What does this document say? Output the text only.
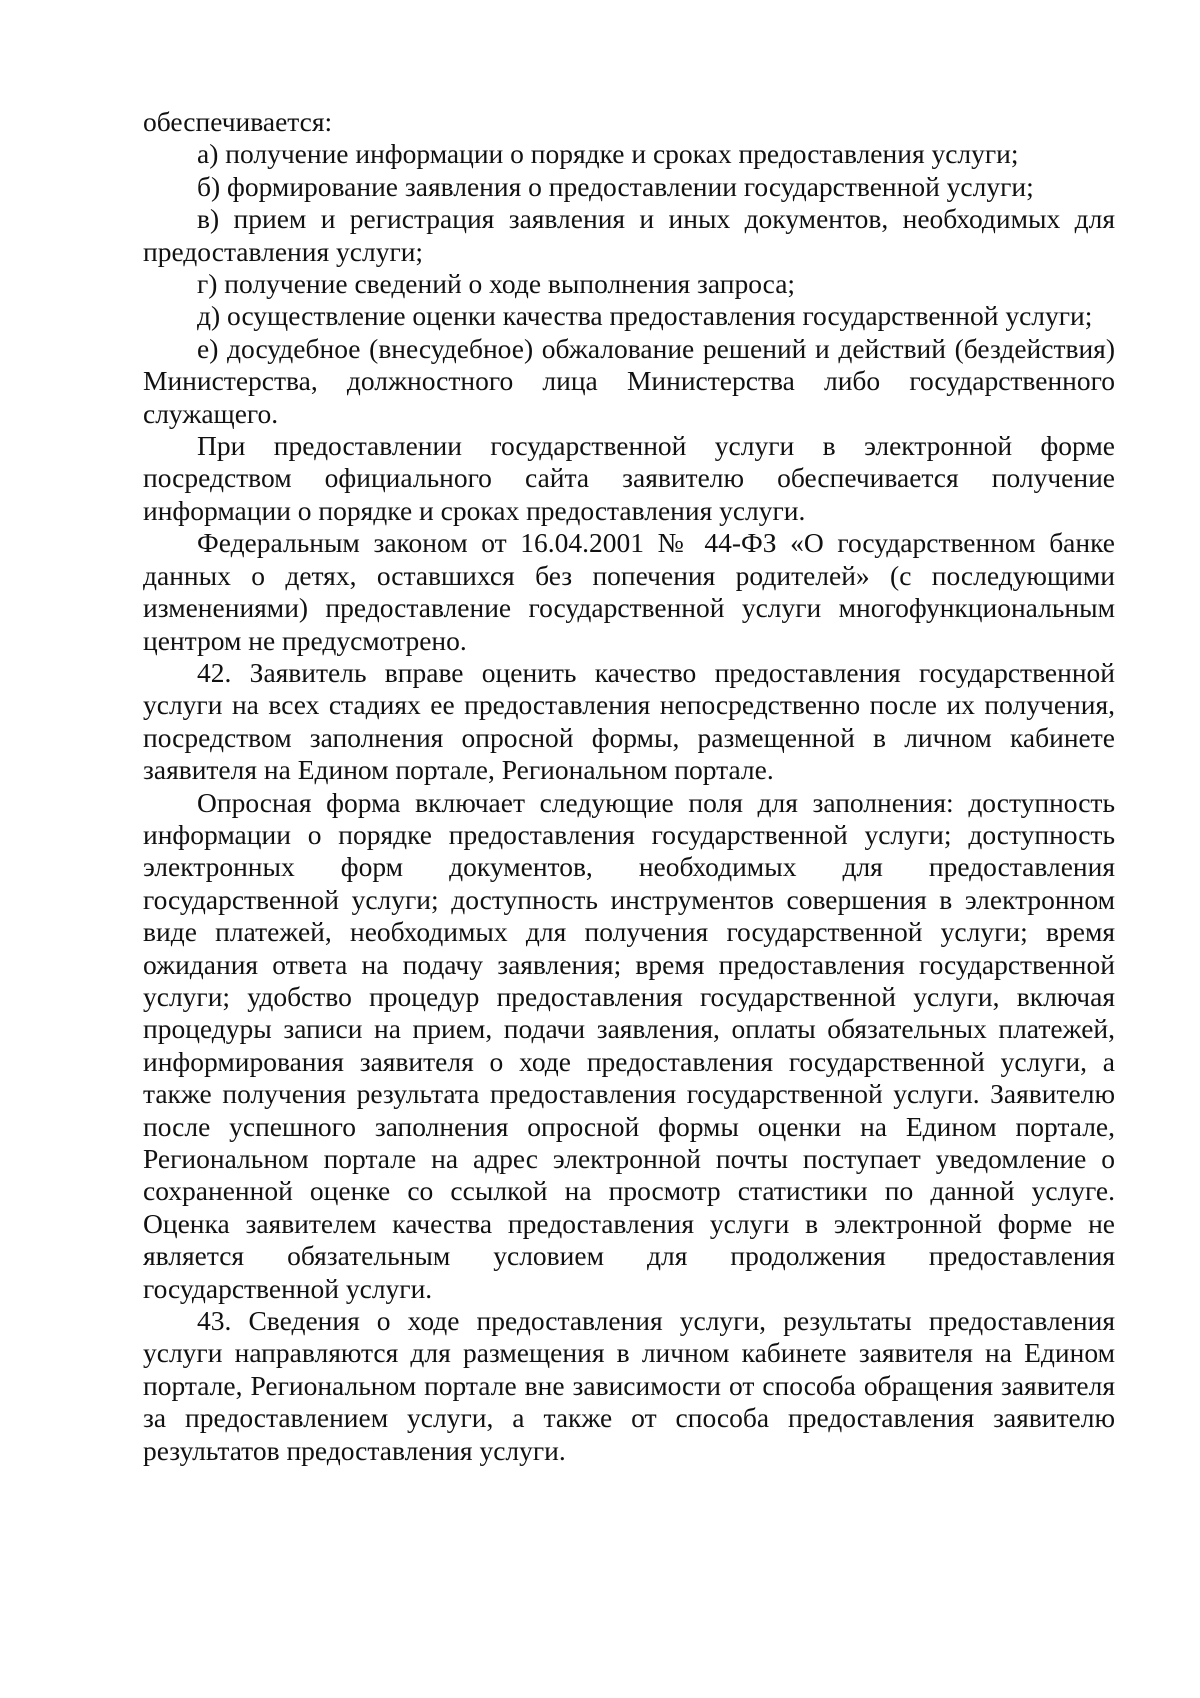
обеспечивается:

а) получение информации о порядке и сроках предоставления услуги;

б) формирование заявления о предоставлении государственной услуги;

в) прием и регистрация заявления и иных документов, необходимых для предоставления услуги;

г) получение сведений о ходе выполнения запроса;

д) осуществление оценки качества предоставления государственной услуги;

е) досудебное (внесудебное) обжалование решений и действий (бездействия) Министерства, должностного лица Министерства либо государственного служащего.

При предоставлении государственной услуги в электронной форме посредством официального сайта заявителю обеспечивается получение информации о порядке и сроках предоставления услуги.

Федеральным законом от 16.04.2001 № 44-ФЗ «О государственном банке данных о детях, оставшихся без попечения родителей» (с последующими изменениями) предоставление государственной услуги многофункциональным центром не предусмотрено.

42. Заявитель вправе оценить качество предоставления государственной услуги на всех стадиях ее предоставления непосредственно после их получения, посредством заполнения опросной формы, размещенной в личном кабинете заявителя на Едином портале, Региональном портале.

Опросная форма включает следующие поля для заполнения: доступность информации о порядке предоставления государственной услуги; доступность электронных форм документов, необходимых для предоставления государственной услуги; доступность инструментов совершения в электронном виде платежей, необходимых для получения государственной услуги; время ожидания ответа на подачу заявления; время предоставления государственной услуги; удобство процедур предоставления государственной услуги, включая процедуры записи на прием, подачи заявления, оплаты обязательных платежей, информирования заявителя о ходе предоставления государственной услуги, а также получения результата предоставления государственной услуги. Заявителю после успешного заполнения опросной формы оценки на Едином портале, Региональном портале на адрес электронной почты поступает уведомление о сохраненной оценке со ссылкой на просмотр статистики по данной услуге. Оценка заявителем качества предоставления услуги в электронной форме не является обязательным условием для продолжения предоставления государственной услуги.

43. Сведения о ходе предоставления услуги, результаты предоставления услуги направляются для размещения в личном кабинете заявителя на Едином портале, Региональном портале вне зависимости от способа обращения заявителя за предоставлением услуги, а также от способа предоставления заявителю результатов предоставления услуги.
